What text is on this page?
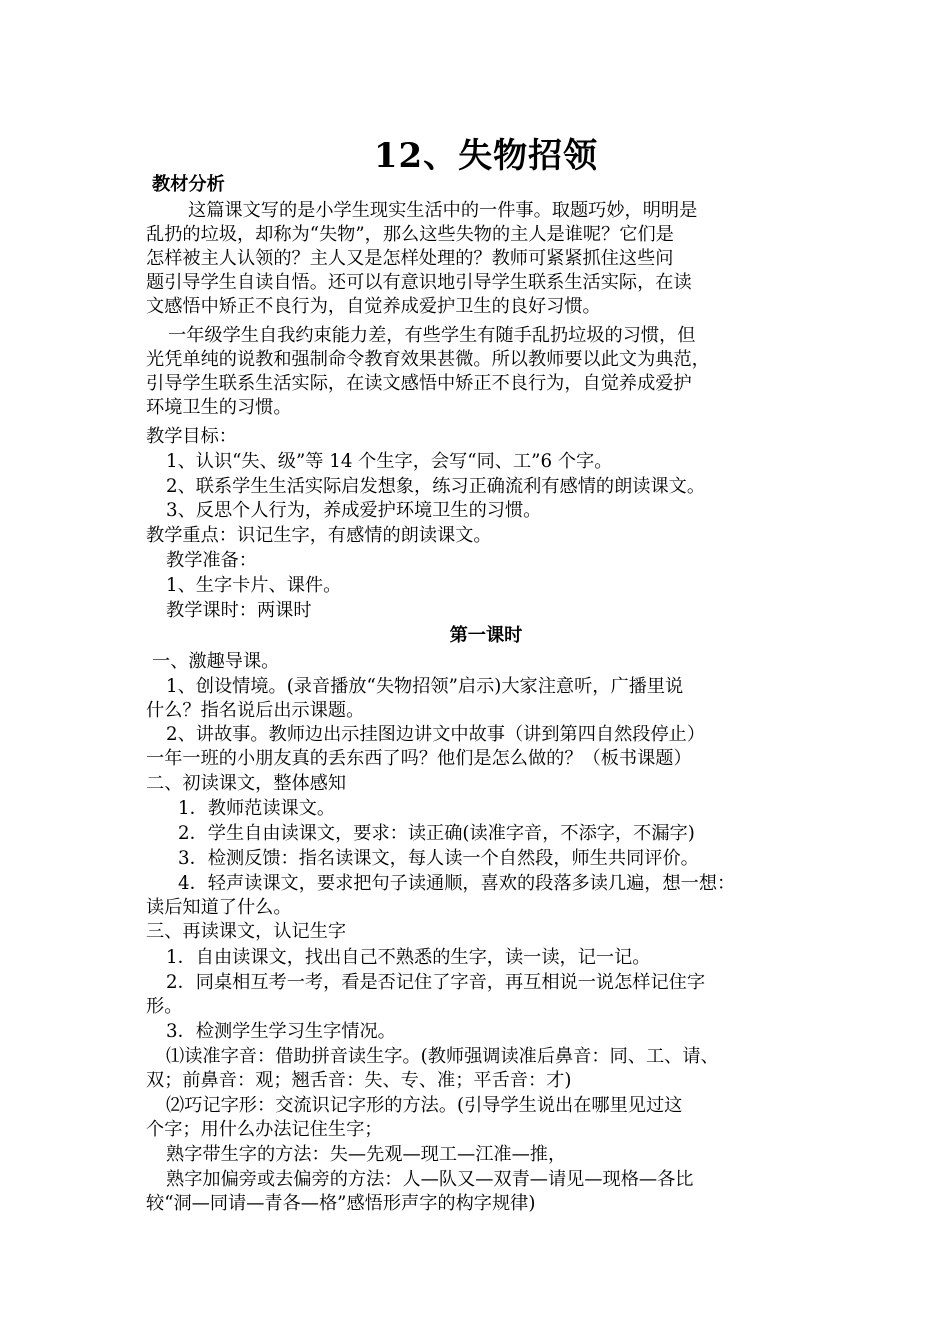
12、失物招领
教材分析
这篇课文写的是小学生现实生活中的一件事。取题巧妙，明明是
乱扔的垃圾，却称为“失物”，那么这些失物的主人是谁呢？它们是
怎样被主人认领的？主人又是怎样处理的？教师可紧紧抓住这些问
题引导学生自读自悟。还可以有意识地引导学生联系生活实际，在读
文感悟中矫正不良行为，自觉养成爱护卫生的良好习惯。
一年级学生自我约束能力差，有些学生有随手乱扔垃圾的习惯，但
光凭单纯的说教和强制命令教育效果甚微。所以教师要以此文为典范，
引导学生联系生活实际，在读文感悟中矫正不良行为，自觉养成爱护
环境卫生的习惯。
教学目标：
1、认识“失、级”等 14 个生字，会写“同、工”6 个字。
2、联系学生生活实际启发想象，练习正确流利有感情的朗读课文。
3、反思个人行为，养成爱护环境卫生的习惯。
教学重点：识记生字，有感情的朗读课文。
教学准备：
1、生字卡片、课件。
教学课时：两课时
第一课时
一、激趣导课。
1、创设情境。(录音播放“失物招领”启示)大家注意听，广播里说
什么？指名说后出示课题。
2、讲故事。教师边出示挂图边讲文中故事（讲到第四自然段停止）
一年一班的小朋友真的丢东西了吗？他们是怎么做的？（板书课题）
二、初读课文，整体感知
1．教师范读课文。
2．学生自由读课文，要求：读正确(读准字音，不添字，不漏字)
3．检测反馈：指名读课文，每人读一个自然段，师生共同评价。
4．轻声读课文，要求把句子读通顺，喜欢的段落多读几遍，想一想：
读后知道了什么。
三、再读课文，认记生字
1．自由读课文，找出自己不熟悉的生字，读一读，记一记。
2．同桌相互考一考，看是否记住了字音，再互相说一说怎样记住字
形。
3．检测学生学习生字情况。
⑴读准字音：借助拼音读生字。(教师强调读准后鼻音：同、工、请、
双；前鼻音：观；翘舌音：失、专、准；平舌音：才)
⑵巧记字形：交流识记字形的方法。(引导学生说出在哪里见过这
个字；用什么办法记住生字；
熟字带生字的方法：失—先观—现工—江准—推，
熟字加偏旁或去偏旁的方法：人—队又—双青—请见—现格—各比
较“洞—同请—青各—格”感悟形声字的构字规律)
